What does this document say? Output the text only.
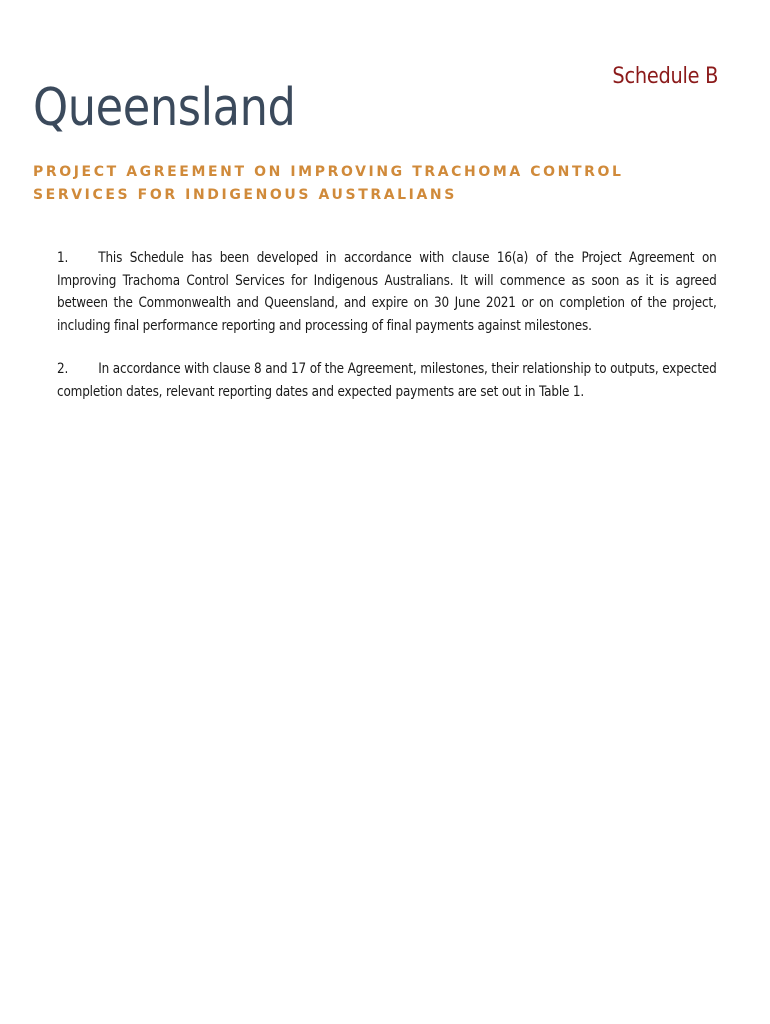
Schedule B
Queensland
PROJECT AGREEMENT ON IMPROVING TRACHOMA CONTROL SERVICES FOR INDIGENOUS AUSTRALIANS

1. This Schedule has been developed in accordance with clause 16(a) of the Project Agreement on Improving Trachoma Control Services for Indigenous Australians. It will commence as soon as it is agreed between the Commonwealth and Queensland, and expire on 30 June 2021 or on completion of the project, including final performance reporting and processing of final payments against milestones.

2. In accordance with clause 8 and 17 of the Agreement, milestones, their relationship to outputs, expected completion dates, relevant reporting dates and expected payments are set out in Table 1.
